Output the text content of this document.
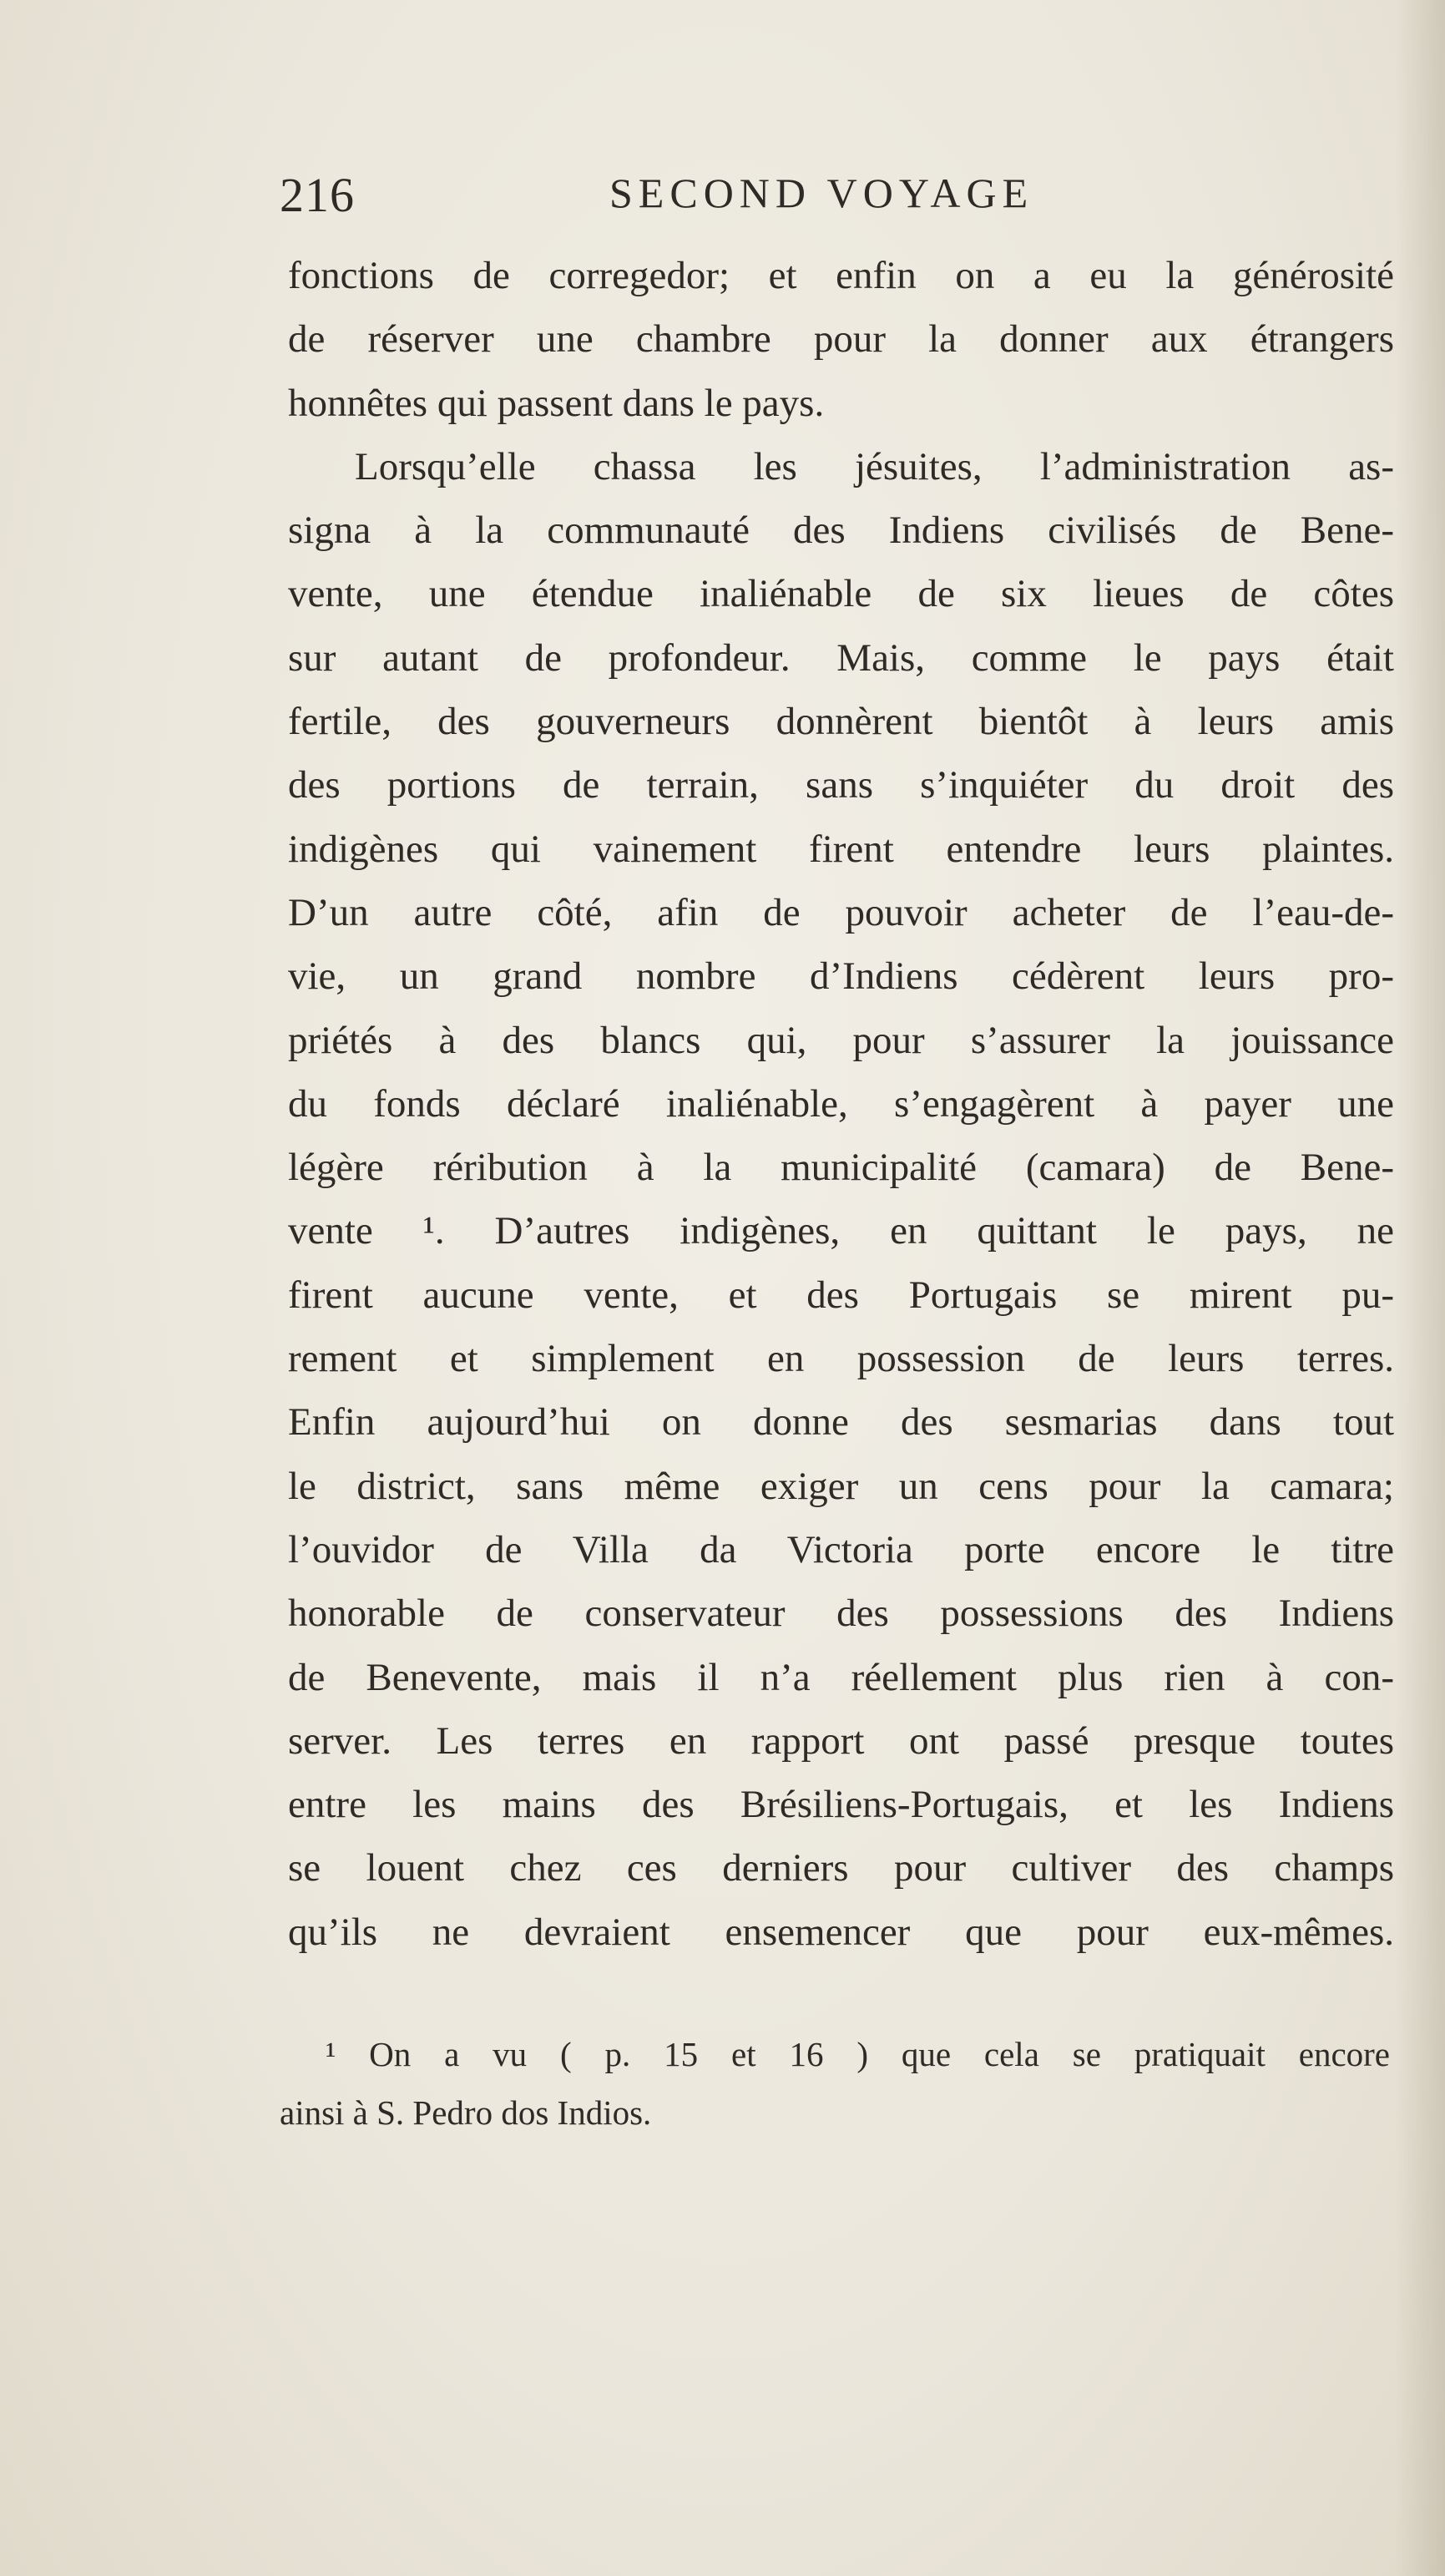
216	SECOND VOYAGE
fonctions de corregedor; et enfin on a eu la générosité
de réserver une chambre pour la donner aux étrangers
honnêtes qui passent dans le pays.
Lorsqu’elle chassa les jésuites, l’administration as-
signa à la communauté des Indiens civilisés de Bene-
vente, une étendue inaliénable de six lieues de côtes
sur autant de profondeur. Mais, comme le pays était
fertile, des gouverneurs donnèrent bientôt à leurs amis
des portions de terrain, sans s’inquiéter du droit des
indigènes qui vainement firent entendre leurs plaintes.
D’un autre côté, afin de pouvoir acheter de l’eau-de-
vie, un grand nombre d’Indiens cédèrent leurs pro-
priétés à des blancs qui, pour s’assurer la jouissance
du fonds déclaré inaliénable, s’engagèrent à payer une
légère réribution à la municipalité (camara) de Bene-
vente ¹. D’autres indigènes, en quittant le pays, ne
firent aucune vente, et des Portugais se mirent pu-
rement et simplement en possession de leurs terres.
Enfin aujourd’hui on donne des sesmarias dans tout
le district, sans même exiger un cens pour la camara;
l’ouvidor de Villa da Victoria porte encore le titre
honorable de conservateur des possessions des Indiens
de Benevente, mais il n’a réellement plus rien à con-
server. Les terres en rapport ont passé presque toutes
entre les mains des Brésiliens-Portugais, et les Indiens
se louent chez ces derniers pour cultiver des champs
qu’ils ne devraient ensemencer que pour eux-mêmes.
¹ On a vu ( p. 15 et 16 ) que cela se pratiquait encore
ainsi à S. Pedro dos Indios.
